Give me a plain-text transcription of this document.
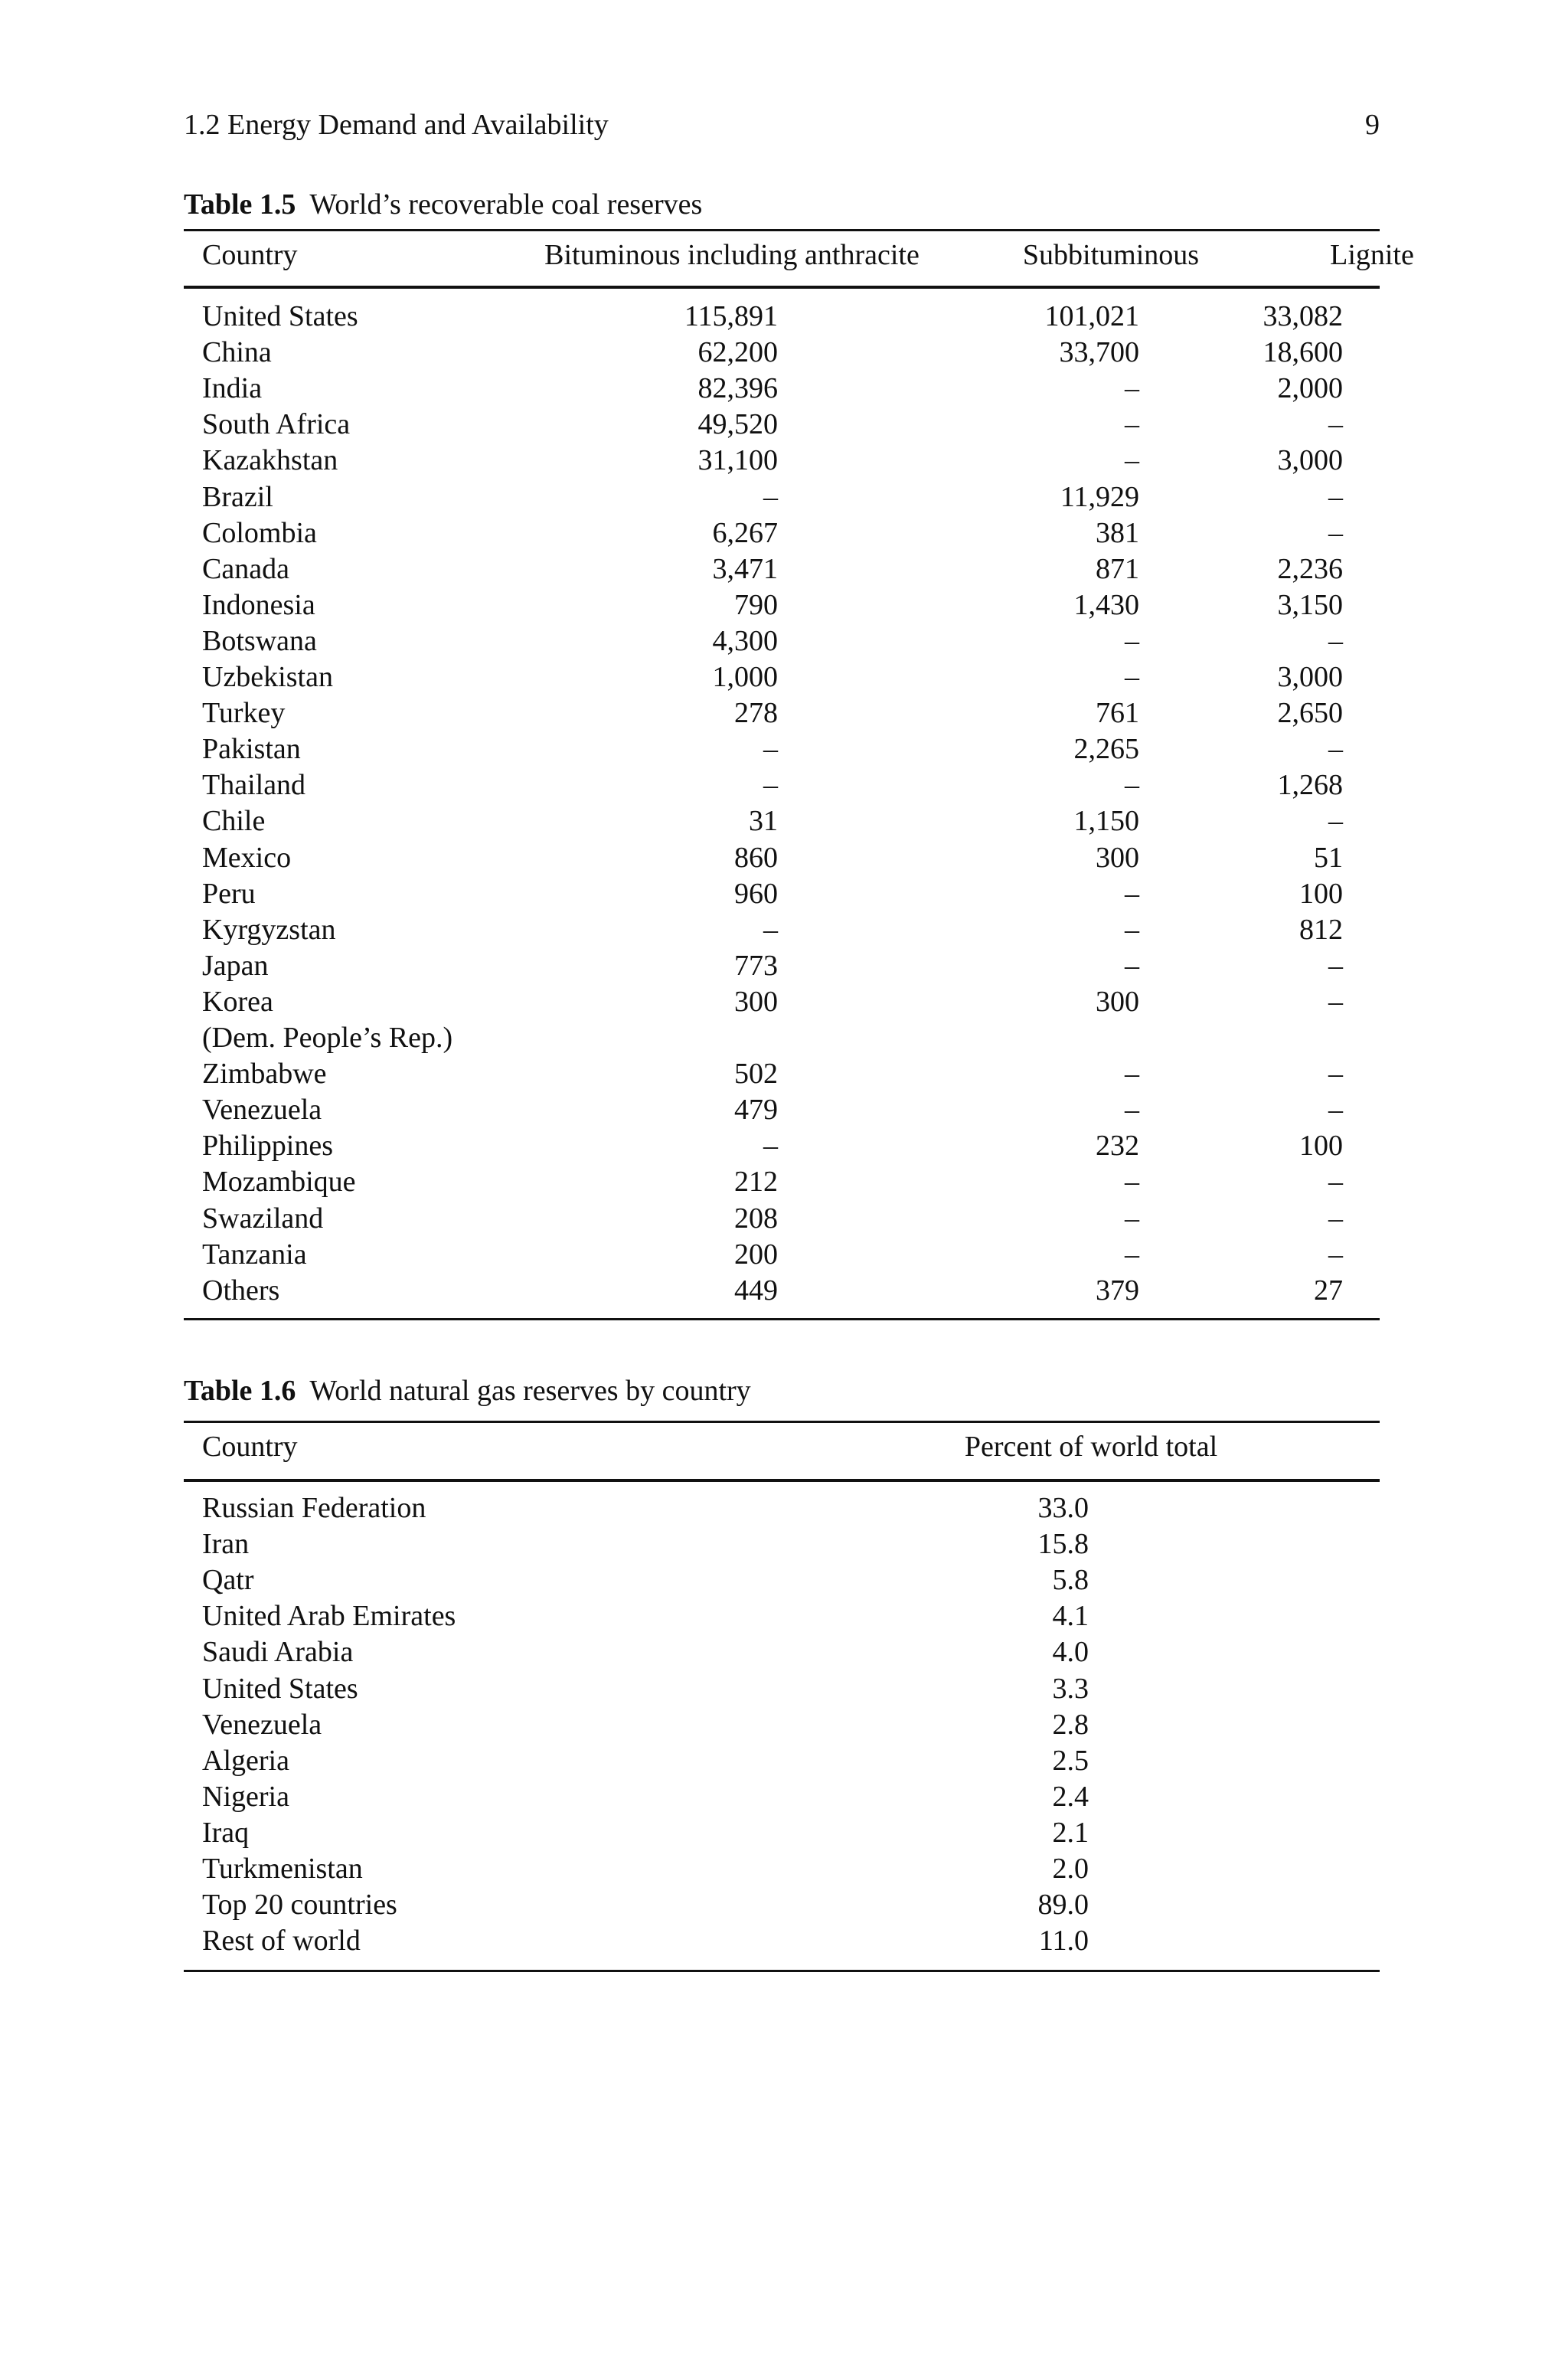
1.2 Energy Demand and Availability	9
Table 1.5 World’s recoverable coal reserves
Country	Bituminous including anthracite	Subbituminous	Lignite
United States	115,891	101,021	33,082
China	62,200	33,700	18,600
India	82,396	–	2,000
South Africa	49,520	–	–
Kazakhstan	31,100	–	3,000
Brazil	–	11,929	–
Colombia	6,267	381	–
Canada	3,471	871	2,236
Indonesia	790	1,430	3,150
Botswana	4,300	–	–
Uzbekistan	1,000	–	3,000
Turkey	278	761	2,650
Pakistan	–	2,265	–
Thailand	–	–	1,268
Chile	31	1,150	–
Mexico	860	300	51
Peru	960	–	100
Kyrgyzstan	–	–	812
Japan	773	–	–
Korea	300	300	–
(Dem. People’s Rep.)
Zimbabwe	502	–	–
Venezuela	479	–	–
Philippines	–	232	100
Mozambique	212	–	–
Swaziland	208	–	–
Tanzania	200	–	–
Others	449	379	27
Table 1.6 World natural gas reserves by country
Country	Percent of world total
Russian Federation	33.0
Iran	15.8
Qatr	5.8
United Arab Emirates	4.1
Saudi Arabia	4.0
United States	3.3
Venezuela	2.8
Algeria	2.5
Nigeria	2.4
Iraq	2.1
Turkmenistan	2.0
Top 20 countries	89.0
Rest of world	11.0
